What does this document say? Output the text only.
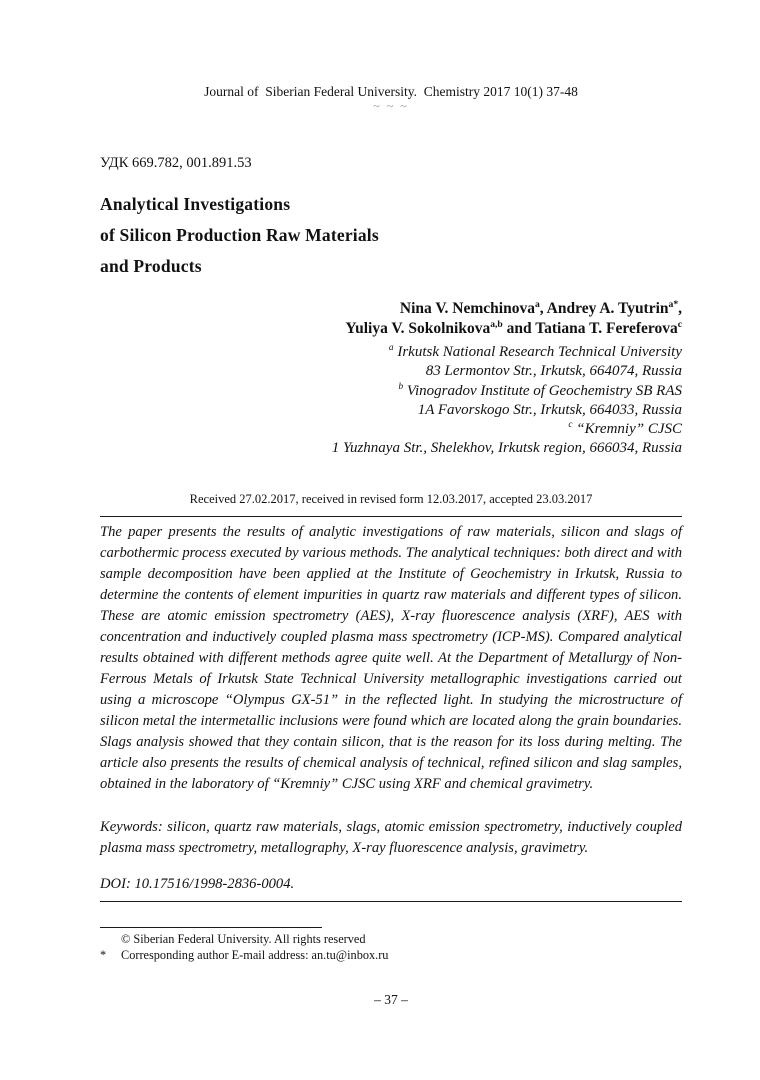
Journal of  Siberian Federal University.  Chemistry 2017 10(1) 37-48
~ ~ ~
УДК 669.782, 001.891.53
Analytical Investigations
of Silicon Production Raw Materials
and Products
Nina V. Nemchinova$^a$, Andrey A. Tyutrin$^{a*}$,
Yuliya V. Sokolnikova$^{a,b}$ and Tatiana T. Fereferova$^c$
$^a$ Irkutsk National Research Technical University
83 Lermontov Str., Irkutsk, 664074, Russia
$^b$ Vinogradov Institute of Geochemistry SB RAS
1A Favorskogo Str., Irkutsk, 664033, Russia
$^c$ “Kremniy” CJSC
1 Yuzhnaya Str., Shelekhov, Irkutsk region, 666034, Russia
Received 27.02.2017, received in revised form 12.03.2017, accepted 23.03.2017
The paper presents the results of analytic investigations of raw materials, silicon and slags of carbothermic process executed by various methods. The analytical techniques: both direct and with sample decomposition have been applied at the Institute of Geochemistry in Irkutsk, Russia to determine the contents of element impurities in quartz raw materials and different types of silicon. These are atomic emission spectrometry (AES), X-ray fluorescence analysis (XRF), AES with concentration and inductively coupled plasma mass spectrometry (ICP-MS). Compared analytical results obtained with different methods agree quite well. At the Department of Metallurgy of Non-Ferrous Metals of Irkutsk State Technical University metallographic investigations carried out using a microscope “Olympus GX-51” in the reflected light. In studying the microstructure of silicon metal the intermetallic inclusions were found which are located along the grain boundaries. Slags analysis showed that they contain silicon, that is the reason for its loss during melting. The article also presents the results of chemical analysis of technical, refined silicon and slag samples, obtained in the laboratory of “Kremniy” CJSC using XRF and chemical gravimetry.
Keywords: silicon, quartz raw materials, slags, atomic emission spectrometry, inductively coupled plasma mass spectrometry, metallography, X-ray fluorescence analysis, gravimetry.
DOI: 10.17516/1998-2836-0004.
© Siberian Federal University. All rights reserved
*	Corresponding author E-mail address: an.tu@inbox.ru
– 37 –
